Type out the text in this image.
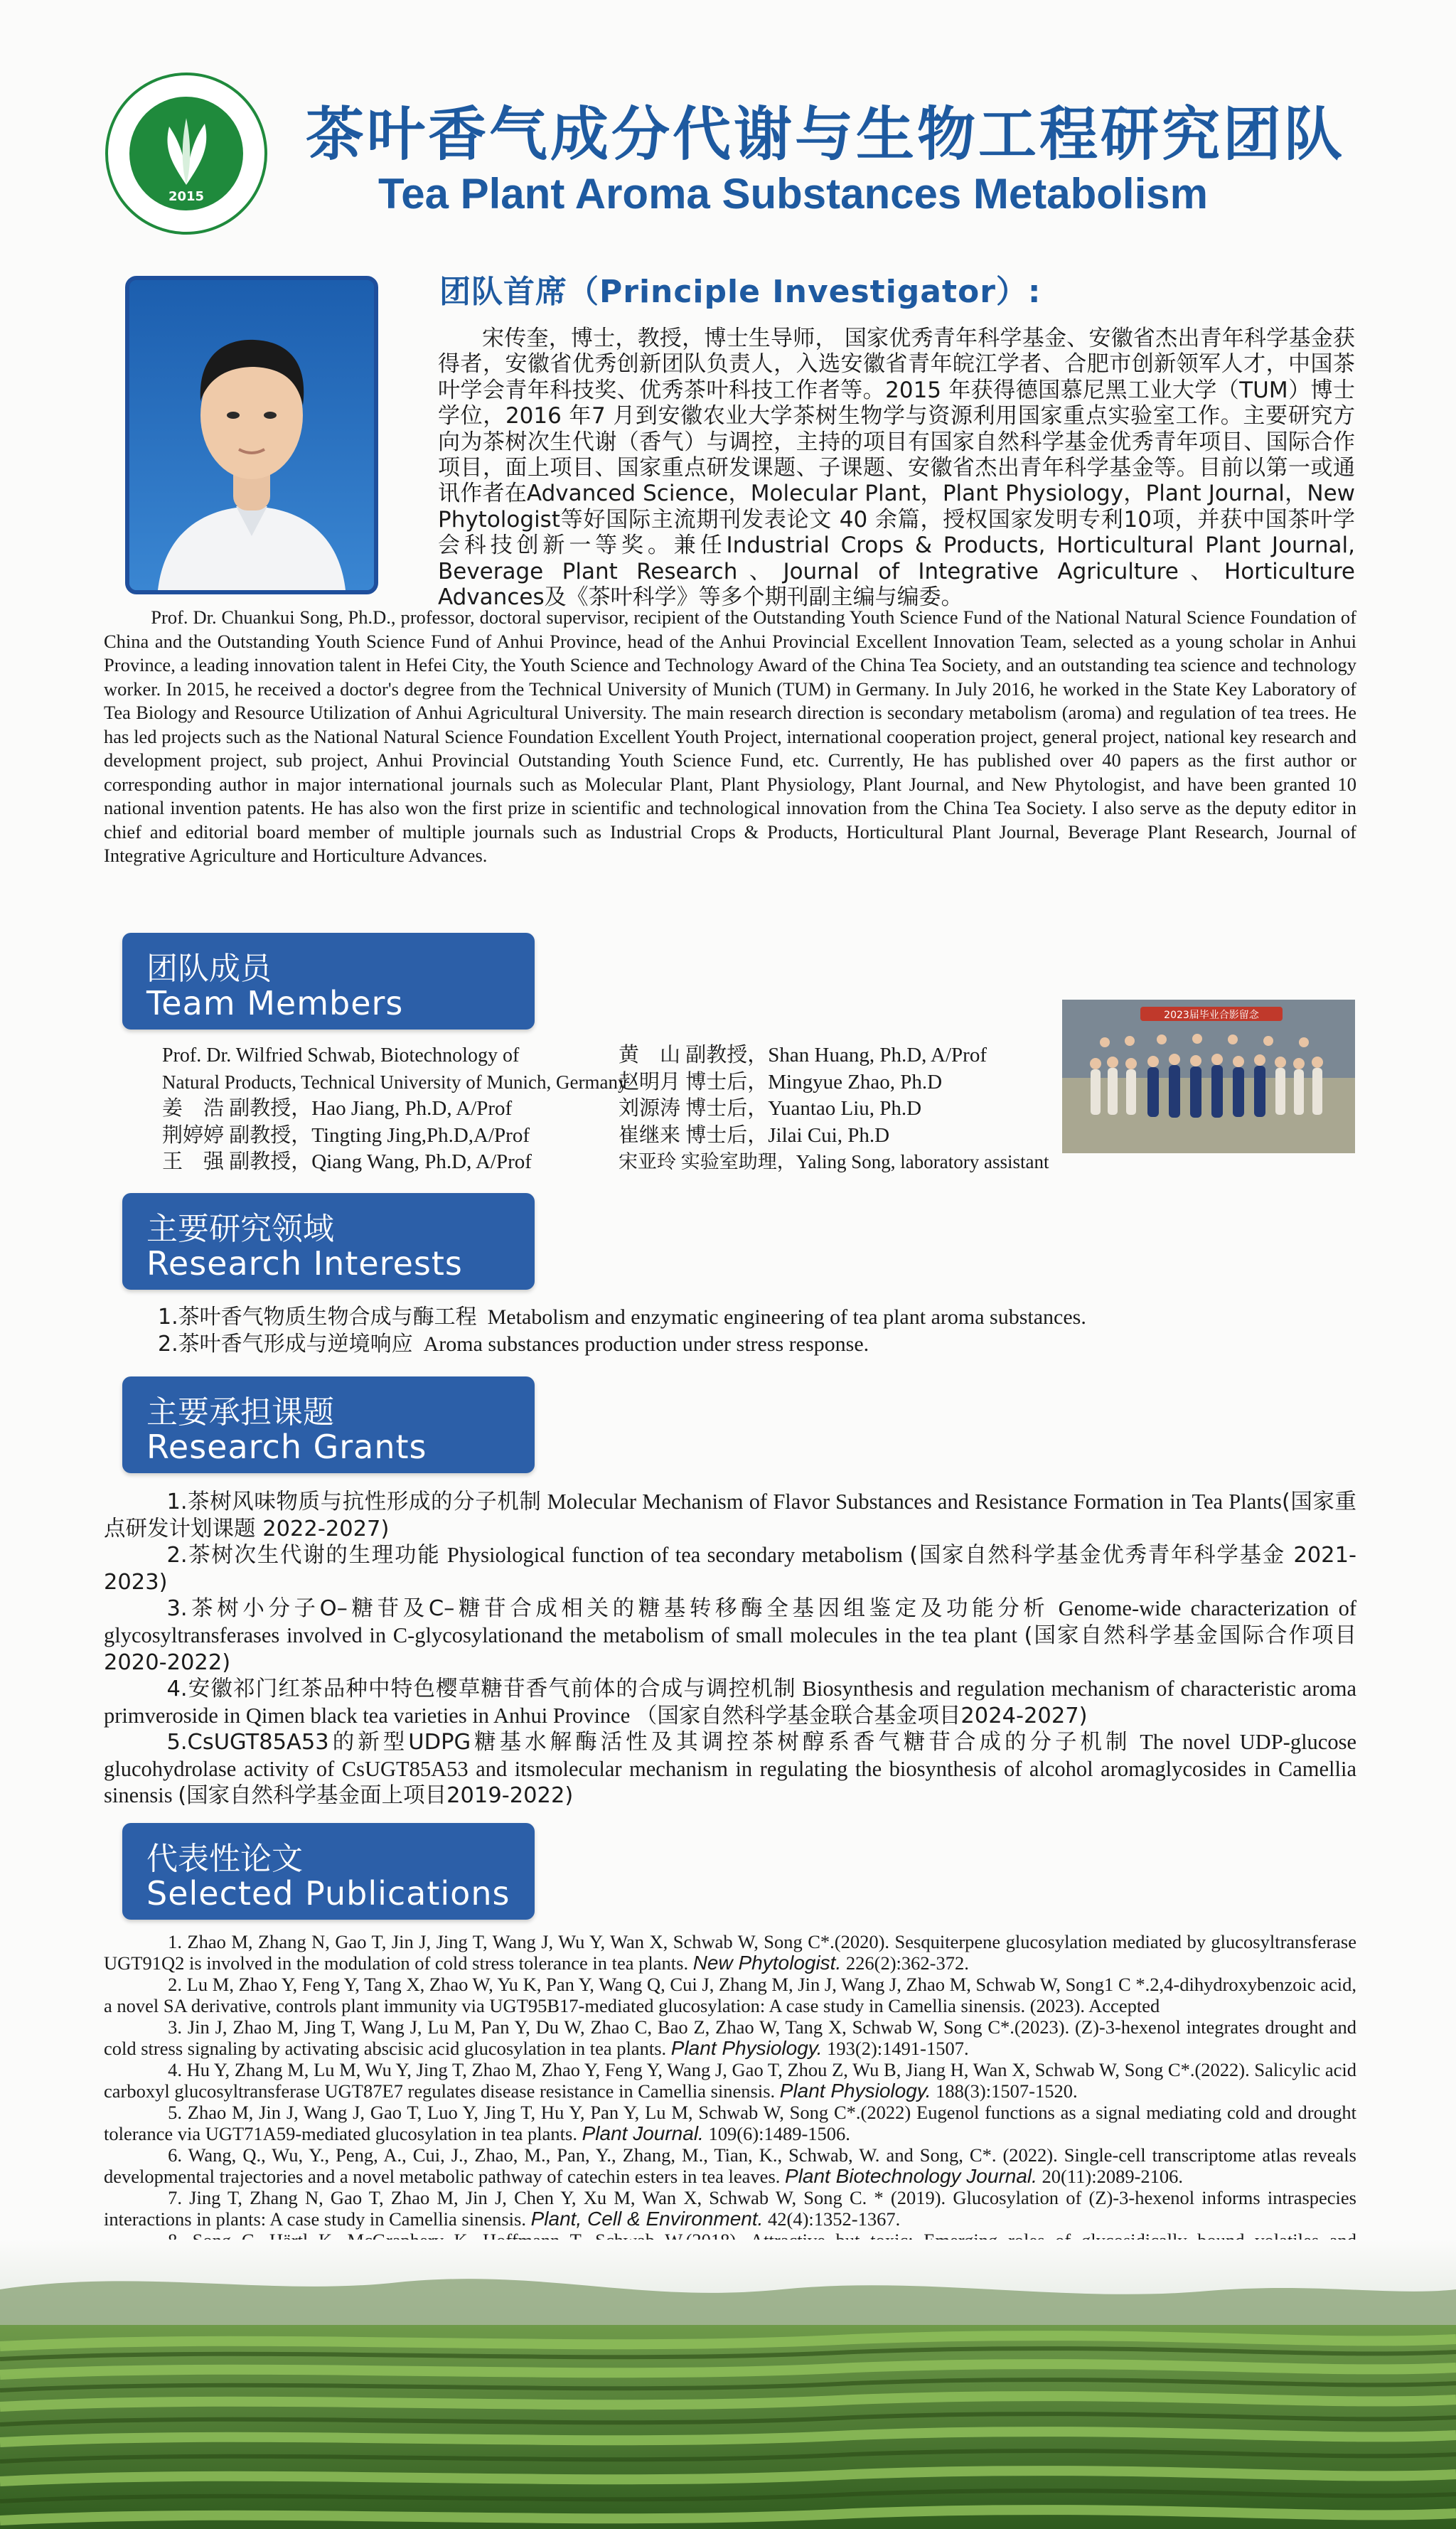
2015
茶叶香气成分代谢与生物工程研究团队
Tea Plant Aroma Substances Metabolism
团队首席（Principle Investigator）:
宋传奎，博士，教授，博士生导师， 国家优秀青年科学基金、安徽省杰出青年科学基金获得者，安徽省优秀创新团队负责人，入选安徽省青年皖江学者、合肥市创新领军人才，中国茶叶学会青年科技奖、优秀茶叶科技工作者等。2015 年获得德国慕尼黑工业大学（TUM）博士学位，2016 年7 月到安徽农业大学茶树生物学与资源利用国家重点实验室工作。主要研究方向为茶树次生代谢（香气）与调控，主持的项目有国家自然科学基金优秀青年项目、国际合作项目，面上项目、国家重点研发课题、子课题、安徽省杰出青年科学基金等。目前以第一或通讯作者在Advanced Science，Molecular Plant，Plant Physiology，Plant Journal，New Phytologist等好国际主流期刊发表论文 40 余篇，授权国家发明专利10项，并获中国茶叶学会科技创新一等奖。兼任Industrial Crops & Products, Horticultural Plant Journal, Beverage Plant Research、Journal of Integrative Agriculture、Horticulture Advances及《茶叶科学》等多个期刊副主编与编委。
Prof. Dr. Chuankui Song, Ph.D., professor, doctoral supervisor, recipient of the Outstanding Youth Science Fund of the National Natural Science Foundation of China and the Outstanding Youth Science Fund of Anhui Province, head of the Anhui Provincial Excellent Innovation Team, selected as a young scholar in Anhui Province, a leading innovation talent in Hefei City, the Youth Science and Technology Award of the China Tea Society, and an outstanding tea science and technology worker. In 2015, he received a doctor's degree from the Technical University of Munich (TUM) in Germany. In July 2016, he worked in the State Key Laboratory of Tea Biology and Resource Utilization of Anhui Agricultural University. The main research direction is secondary metabolism (aroma) and regulation of tea trees. He has led projects such as the National Natural Science Foundation Excellent Youth Project, international cooperation project, general project, national key research and development project, sub project, Anhui Provincial Outstanding Youth Science Fund, etc. Currently, He has published over 40 papers as the first author or corresponding author in major international journals such as Molecular Plant, Plant Physiology, Plant Journal, and New Phytologist, and have been granted 10 national invention patents. He has also won the first prize in scientific and technological innovation from the China Tea Society. I also serve as the deputy editor in chief and editorial board member of multiple journals such as Industrial Crops & Products, Horticultural Plant Journal, Beverage Plant Research, Journal of Integrative Agriculture and Horticulture Advances.
团队成员
Team Members
Prof. Dr. Wilfried Schwab, Biotechnology of
Natural Products, Technical University of Munich, Germany
姜　浩 副教授，Hao Jiang, Ph.D, A/Prof
荆婷婷 副教授，Tingting Jing,Ph.D,A/Prof
王　强 副教授，Qiang Wang, Ph.D, A/Prof
黄　山 副教授，Shan Huang, Ph.D, A/Prof
赵明月 博士后，Mingyue Zhao, Ph.D
刘源涛 博士后，Yuantao Liu, Ph.D
崔继来 博士后，Jilai Cui, Ph.D
宋亚玲 实验室助理，Yaling Song, laboratory assistant
2023届毕业合影留念
主要研究领域
Research Interests
1.茶叶香气物质生物合成与酶工程 Metabolism and enzymatic engineering of tea plant aroma substances.
2.茶叶香气形成与逆境响应 Aroma substances production under stress response.
主要承担课题
Research Grants

1.茶树风味物质与抗性形成的分子机制 Molecular Mechanism of Flavor Substances and Resistance Formation in Tea Plants(国家重点研发计划课题 2022-2027)

2.茶树次生代谢的生理功能 Physiological function of tea secondary metabolism (国家自然科学基金优秀青年科学基金 2021-2023)

3.茶树小分子O–糖苷及C–糖苷合成相关的糖基转移酶全基因组鉴定及功能分析 Genome-wide characterization of glycosyltransferases involved in C-glycosylationand the metabolism of small molecules in the tea plant (国家自然科学基金国际合作项目2020-2022)

4.安徽祁门红茶品种中特色樱草糖苷香气前体的合成与调控机制 Biosynthesis and regulation mechanism of characteristic aroma primveroside in Qimen black tea varieties in Anhui Province （国家自然科学基金联合基金项目2024-2027)

5.CsUGT85A53的新型UDPG糖基水解酶活性及其调控茶树醇系香气糖苷合成的分子机制 The novel UDP-glucose glucohydrolase activity of CsUGT85A53 and itsmolecular mechanism in regulating the biosynthesis of alcohol aromaglycosides in Camellia sinensis (国家自然科学基金面上项目2019-2022)

代表性论文
Selected Publications

1. Zhao M, Zhang N, Gao T, Jin J, Jing T, Wang J, Wu Y, Wan X, Schwab W, Song C*.(2020). Sesquiterpene glucosylation mediated by glucosyltransferase UGT91Q2 is involved in the modulation of cold stress tolerance in tea plants. New Phytologist. 226(2):362-372.

2. Lu M, Zhao Y, Feng Y, Tang X, Zhao W, Yu K, Pan Y, Wang Q, Cui J, Zhang M, Jin J, Wang J, Zhao M, Schwab W, Song1 C *.2,4-dihydroxybenzoic acid, a novel SA derivative, controls plant immunity via UGT95B17-mediated glucosylation: A case study in Camellia sinensis. (2023). Accepted

3. Jin J, Zhao M, Jing T, Wang J, Lu M, Pan Y, Du W, Zhao C, Bao Z, Zhao W, Tang X, Schwab W, Song C*.(2023). (Z)-3-hexenol integrates drought and cold stress signaling by activating abscisic acid glucosylation in tea plants. Plant Physiology. 193(2):1491-1507.

4. Hu Y, Zhang M, Lu M, Wu Y, Jing T, Zhao M, Zhao Y, Feng Y, Wang J, Gao T, Zhou Z, Wu B, Jiang H, Wan X, Schwab W, Song C*.(2022). Salicylic acid carboxyl glucosyltransferase UGT87E7 regulates disease resistance in Camellia sinensis. Plant Physiology. 188(3):1507-1520.

5. Zhao M, Jin J, Wang J, Gao T, Luo Y, Jing T, Hu Y, Pan Y, Lu M, Schwab W, Song C*.(2022) Eugenol functions as a signal mediating cold and drought tolerance via UGT71A59-mediated glucosylation in tea plants. Plant Journal. 109(6):1489-1506.

6. Wang, Q., Wu, Y., Peng, A., Cui, J., Zhao, M., Pan, Y., Zhang, M., Tian, K., Schwab, W. and Song, C*. (2022). Single-cell transcriptome atlas reveals developmental trajectories and a novel metabolic pathway of catechin esters in tea leaves. Plant Biotechnology Journal. 20(11):2089-2106.

7. Jing T, Zhang N, Gao T, Zhao M, Jin J, Chen Y, Xu M, Wan X, Schwab W, Song C. * (2019). Glucosylation of (Z)-3-hexenol informs intraspecies interactions in plants: A case study in Camellia sinensis. Plant, Cell & Environment. 42(4):1352-1367.
